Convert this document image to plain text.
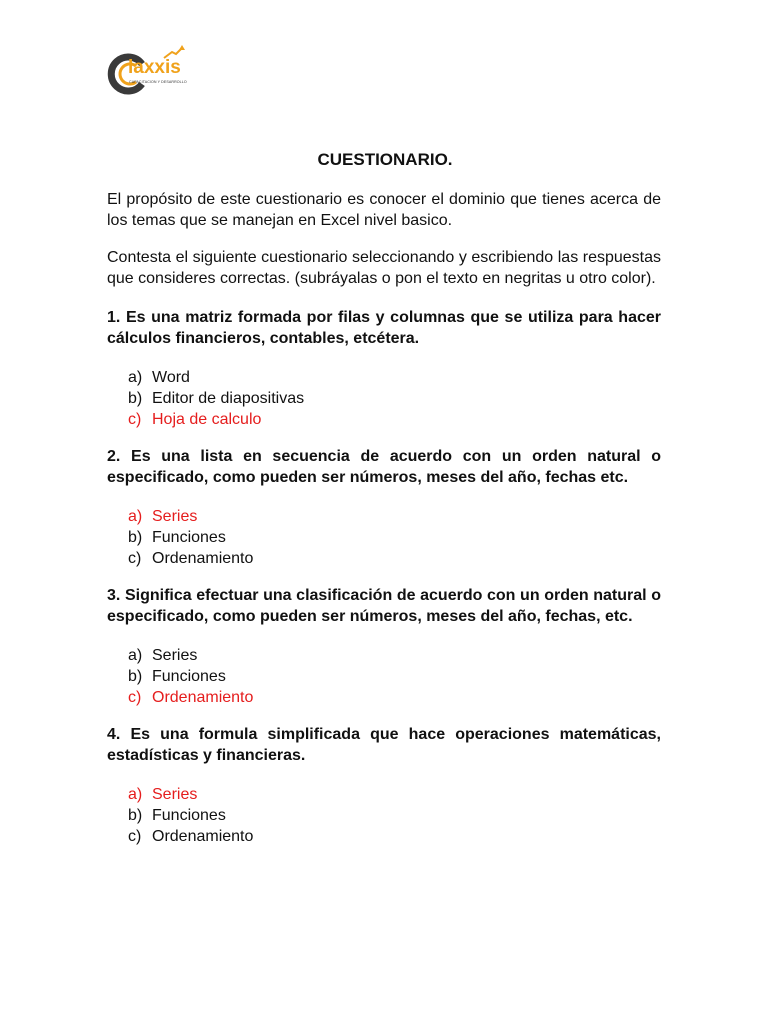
laxxis
CAPACITACION Y DESARROLLO
CUESTIONARIO.

El propósito de este cuestionario es conocer el dominio que tienes acerca de los temas que se manejan en Excel nivel basico.

Contesta el siguiente cuestionario seleccionando y escribiendo las respuestas que consideres correctas. (subráyalas o pon el texto en negritas u otro color).

1. Es una matriz formada por filas y columnas que se utiliza para hacer cálculos financieros, contables, etcétera.

a) Word
b) Editor de diapositivas
c) Hoja de calculo

2. Es una lista en secuencia de acuerdo con un orden natural o especificado, como pueden ser números, meses del año, fechas etc.

a) Series
b) Funciones
c) Ordenamiento

3. Significa efectuar una clasificación de acuerdo con un orden natural o especificado, como pueden ser números, meses del año, fechas, etc.

a) Series
b) Funciones
c) Ordenamiento

4. Es una formula simplificada que hace operaciones matemáticas, estadísticas y financieras.

a) Series
b) Funciones
c) Ordenamiento
